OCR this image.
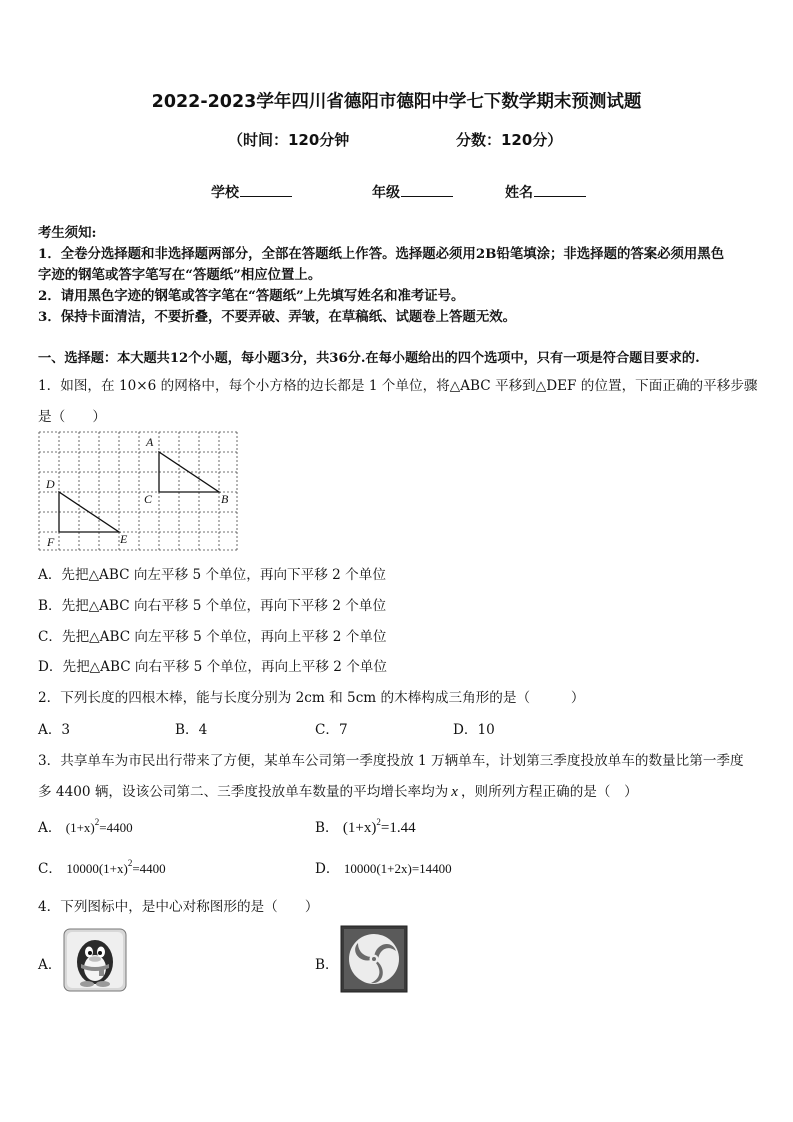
2022-2023学年四川省德阳市德阳中学七下数学期末预测试题
（时间：120分钟	分数：120分）
学校	年级	姓名
考生须知:
1．全卷分选择题和非选择题两部分，全部在答题纸上作答。选择题必须用2B铅笔填涂；非选择题的答案必须用黑色
字迹的钢笔或答字笔写在“答题纸”相应位置上。
2．请用黑色字迹的钢笔或答字笔在“答题纸”上先填写姓名和准考证号。
3．保持卡面清洁，不要折叠，不要弄破、弄皱，在草稿纸、试题卷上答题无效。
一、选择题：本大题共12个小题，每小题3分，共36分.在每小题给出的四个选项中，只有一项是符合题目要求的.
1．如图，在 10×6 的网格中，每个小方格的边长都是 1 个单位，将△ABC 平移到△DEF 的位置，下面正确的平移步骤
是（　　）
A
B
C
D
E
F
A．先把△ABC 向左平移 5 个单位，再向下平移 2 个单位
B．先把△ABC 向右平移 5 个单位，再向下平移 2 个单位
C．先把△ABC 向左平移 5 个单位，再向上平移 2 个单位
D．先把△ABC 向右平移 5 个单位，再向上平移 2 个单位
2．下列长度的四根木棒，能与长度分别为 2cm 和 5cm 的木棒构成三角形的是（　　　）
A．3	B．4	C．7	D．10
3．共享单车为市民出行带来了方便，某单车公司第一季度投放 1 万辆单车，计划第三季度投放单车的数量比第一季度
多 4400 辆，设该公司第二、三季度投放单车数量的平均增长率均为 x ，则所列方程正确的是（　）
A． $(1+x)^2=4400$	B． $(1+x)^2=1.44$
C． $10000(1+x)^2=4400$	D． 10000(1+2x)=14400
4．下列图标中，是中心对称图形的是（　　）
A．	B．
